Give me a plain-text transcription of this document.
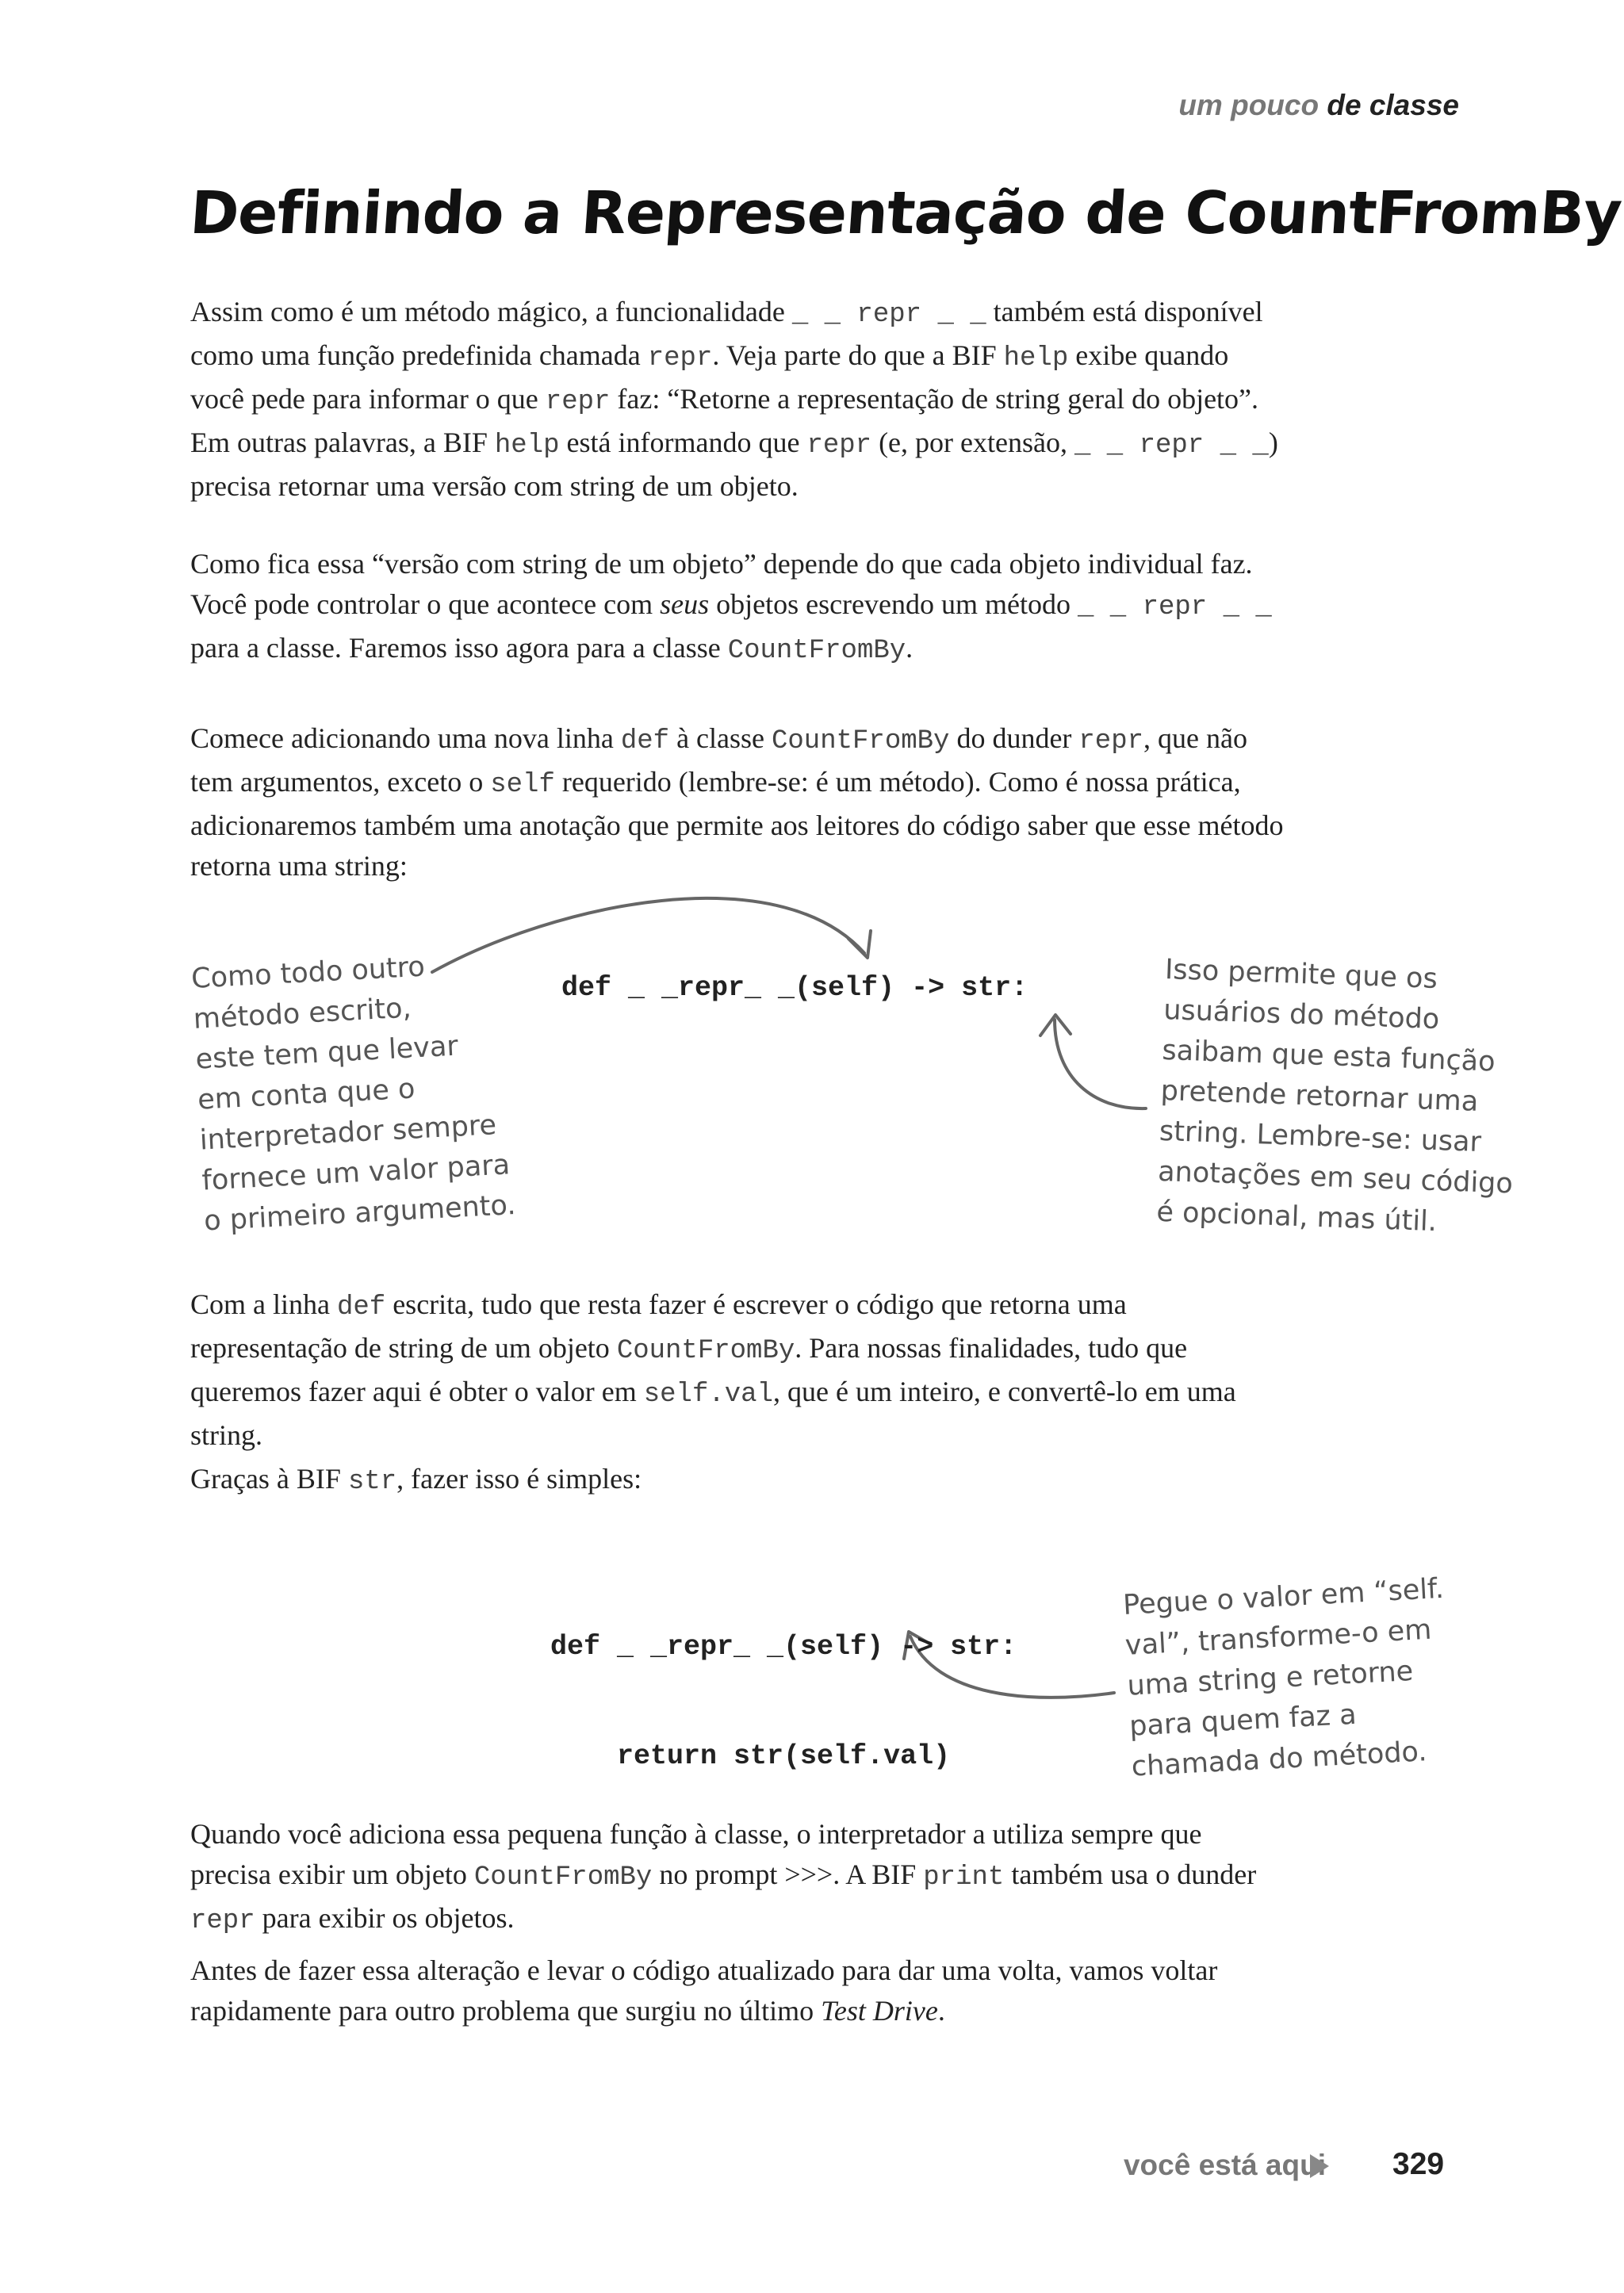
um pouco de classe
Definindo a Representação de CountFromBy

Assim como é um método mágico, a funcionalidade _ _ repr _ _ também está disponível como uma função predefinida chamada repr. Veja parte do que a BIF help exibe quando você pede para informar o que repr faz: “Retorne a representação de string geral do objeto”. Em outras palavras, a BIF help está informando que repr (e, por extensão, _ _ repr _ _) precisa retornar uma versão com string de um objeto.

Como fica essa “versão com string de um objeto” depende do que cada objeto individual faz. Você pode controlar o que acontece com seus objetos escrevendo um método _ _ repr _ _ para a classe. Faremos isso agora para a classe CountFromBy.

Comece adicionando uma nova linha def à classe CountFromBy do dunder repr, que não tem argumentos, exceto o self requerido (lembre-se: é um método). Como é nossa prática, adicionaremos também uma anotação que permite aos leitores do código saber que esse método retorna uma string:

def _ _repr_ _(self) -> str:

Como todo outro
método escrito,
este tem que levar
em conta que o
interpretador sempre
fornece um valor para
o primeiro argumento.

Isso permite que os
usuários do método
saibam que esta função
pretende retornar uma
string. Lembre-se: usar
anotações em seu código
é opcional, mas útil.

Com a linha def escrita, tudo que resta fazer é escrever o código que retorna uma representação de string de um objeto CountFromBy. Para nossas finalidades, tudo que queremos fazer aqui é obter o valor em self.val, que é um inteiro, e convertê-lo em uma string.

Graças à BIF str, fazer isso é simples:

def _ _repr_ _(self) -> str:

return str(self.val)

Pegue o valor em “self.
val”, transforme-o em
uma string e retorne
para quem faz a
chamada do método.

Quando você adiciona essa pequena função à classe, o interpretador a utiliza sempre que precisa exibir um objeto CountFromBy no prompt >>>. A BIF print também usa o dunder repr para exibir os objetos.

Antes de fazer essa alteração e levar o código atualizado para dar uma volta, vamos voltar rapidamente para outro problema que surgiu no último Test Drive.

você está aqui 329
